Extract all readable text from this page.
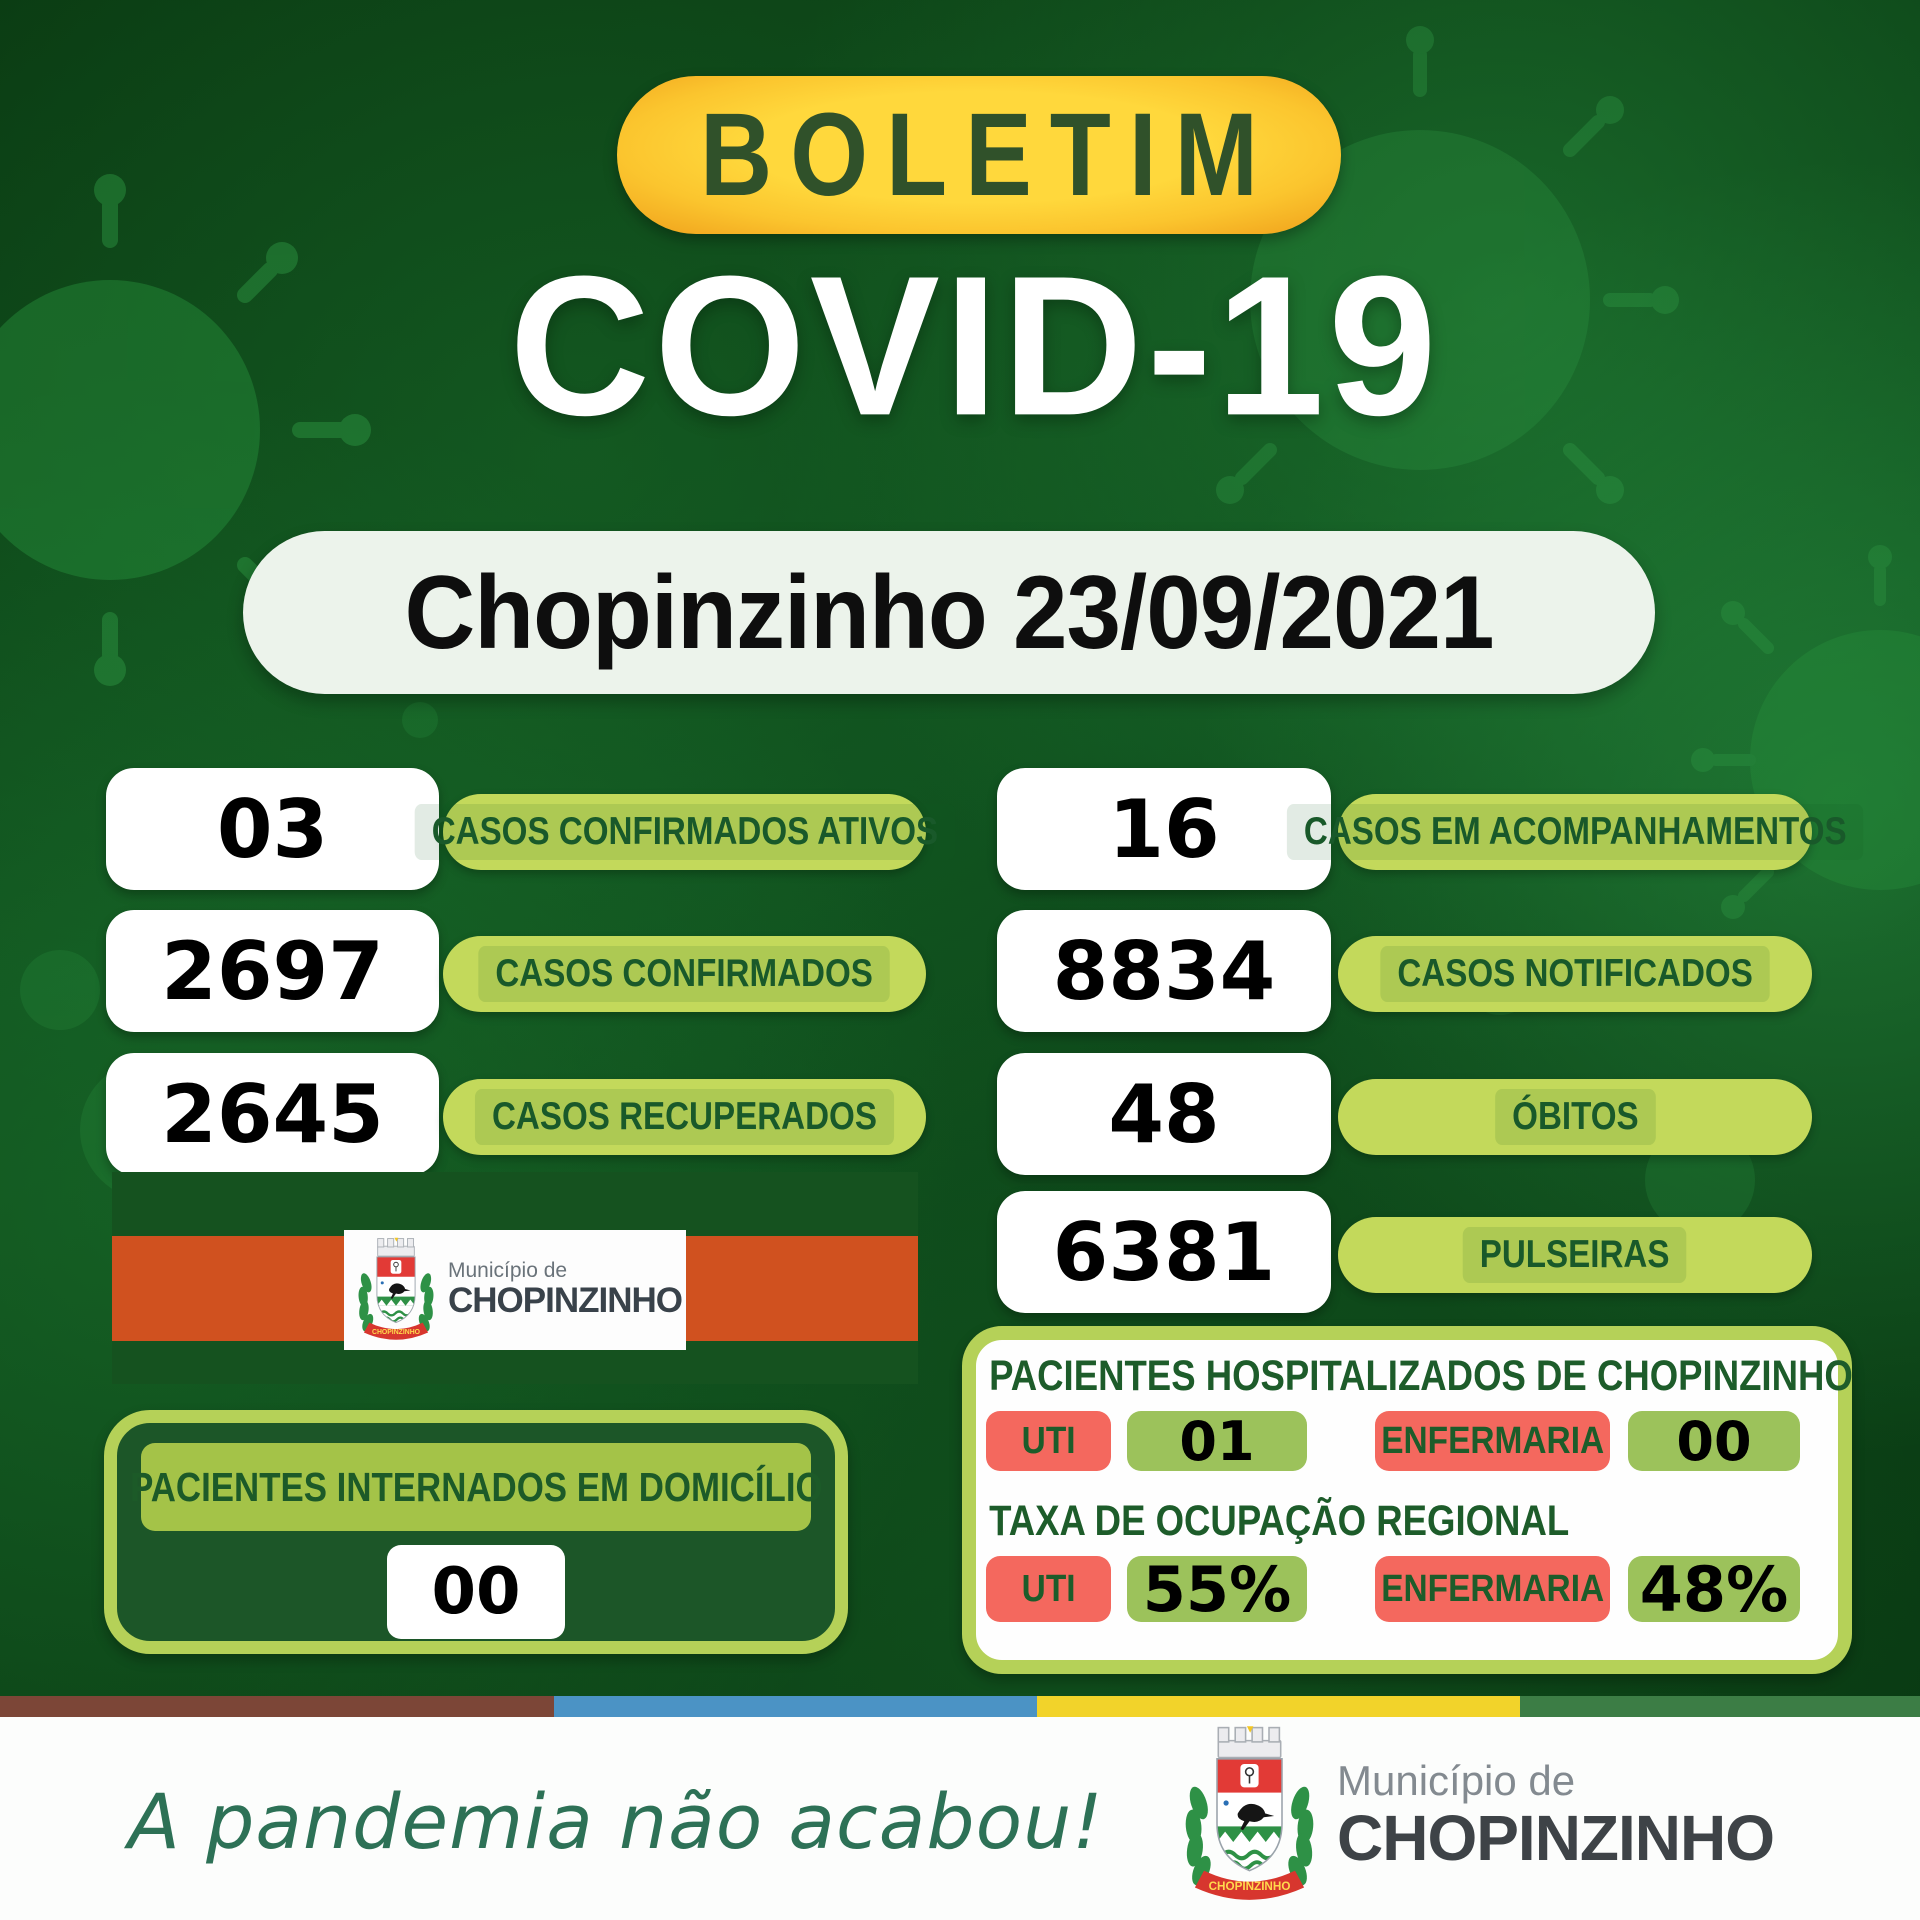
BOLETIM
COVID-19
Chopinzinho 23/09/2021
03	CASOS CONFIRMADOS ATIVOS
2697	CASOS CONFIRMADOS
2645	CASOS RECUPERADOS
16	CASOS EM ACOMPANHAMENTOS
8834	CASOS NOTIFICADOS
48	ÓBITOS
6381	PULSEIRAS
CHOPINZINHO
Município de
CHOPINZINHO
PACIENTES INTERNADOS EM DOMICÍLIO
00
PACIENTES HOSPITALIZADOS DE CHOPINZINHO
UTI 01	ENFERMARIA 00
TAXA DE OCUPAÇÃO REGIONAL
UTI 55% ENFERMARIA 48%
A pandemia não acabou!
CHOPINZINHO
Município de
CHOPINZINHO
